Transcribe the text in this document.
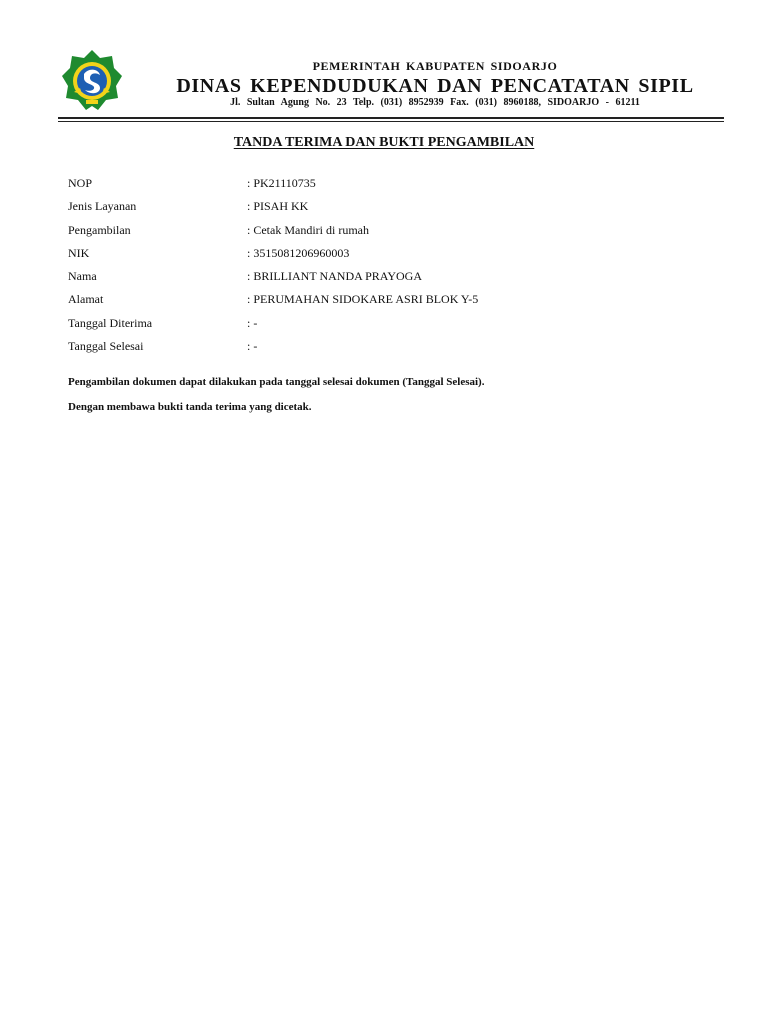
PEMERINTAH KABUPATEN SIDOARJO
DINAS KEPENDUDUKAN DAN PENCATATAN SIPIL
Jl. Sultan Agung No. 23 Telp. (031) 8952939 Fax. (031) 8960188, SIDOARJO - 61211
TANDA TERIMA DAN BUKTI PENGAMBILAN
NOP	: PK21110735
Jenis Layanan	: PISAH KK
Pengambilan	: Cetak Mandiri di rumah
NIK	: 3515081206960003
Nama	: BRILLIANT NANDA PRAYOGA
Alamat	: PERUMAHAN SIDOKARE ASRI BLOK Y-5
Tanggal Diterima	: -
Tanggal Selesai	: -
Pengambilan dokumen dapat dilakukan pada tanggal selesai dokumen (Tanggal Selesai).
Dengan membawa bukti tanda terima yang dicetak.
